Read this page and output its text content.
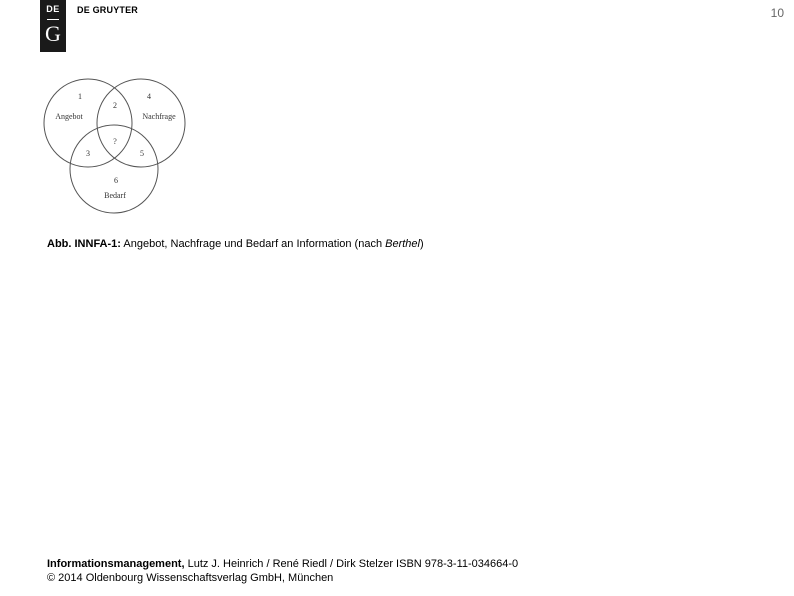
DE
G
DE GRUYTER	10
1
2
4
?
3	5
6
Angebot	Nachfrage
Bedarf
Abb. INNFA-1: Angebot, Nachfrage und Bedarf an Information (nach Berthel)
Informationsmanagement, Lutz J. Heinrich / René Riedl / Dirk Stelzer ISBN 978-3-11-034664-0
© 2014 Oldenbourg Wissenschaftsverlag GmbH, München
